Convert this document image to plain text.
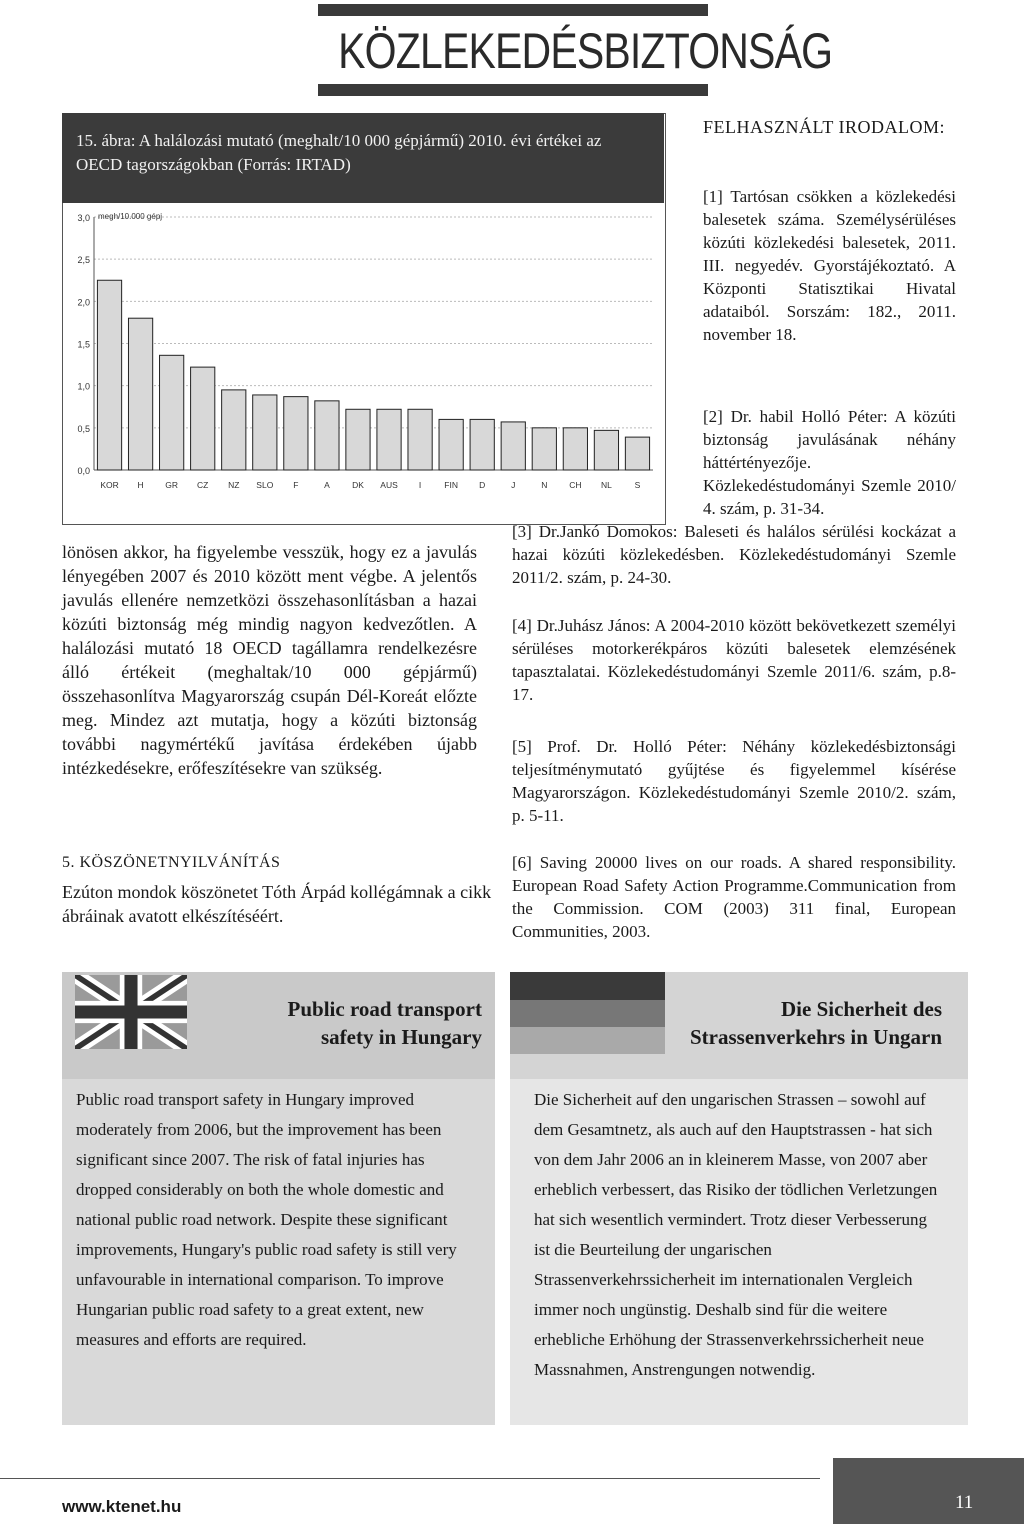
KÖZLEKEDÉSBIZTONSÁG
15. ábra: A halálozási mutató (meghalt/10 000 gépjármű) 2010. évi értékei az OECD tagországokban (Forrás: IRTAD)
0,0
0,5
1,0
1,5
2,0
2,5
3,0 megh/10.000 gépj
KOR H	GR CZ NZ SLO F	A	DK AUS I	FIN D	J	N	CH NL	S
lönösen akkor, ha figyelembe vesszük, hogy ez a javulás lényegében 2007 és 2010 között ment végbe. A jelentős javulás ellenére nemzetközi összehasonlításban a hazai közúti biztonság még mindig nagyon kedvezőtlen. A halálozási mutató 18 OECD tagállamra rendelkezésre álló értékeit (meghaltak/10 000 gépjármű) összehasonlítva Magyarország csupán Dél-Koreát előzte meg. Mindez azt mutatja, hogy a közúti biztonság további nagymértékű javítása érdekében újabb intézkedésekre, erőfeszítésekre van szükség.
5. KÖSZÖNETNYILVÁNÍTÁS
Ezúton mondok köszönetet Tóth Árpád kollégámnak a cikk ábráinak avatott elkészítéséért.
FELHASZNÁLT IRODALOM:
[1] Tartósan csökken a közlekedési balesetek száma. Személysérüléses közúti közlekedési balesetek, 2011. III. negyedév. Gyorstájékoztató. A Központi Statisztikai Hivatal adataiból. Sorszám: 182., 2011. november 18.
[2] Dr. habil Holló Péter: A közúti biztonság javulásának néhány háttértényezője. Közlekedéstudományi Szemle 2010/ 4. szám, p. 31-34.
[3] Dr.Jankó Domokos: Baleseti és halálos sérülési kockázat a hazai közúti közlekedésben. Közlekedéstudományi Szemle 2011/2. szám, p. 24-30.
[4] Dr.Juhász János: A 2004-2010 között bekövetkezett személyi sérüléses motorkerékpáros közúti balesetek elemzésének tapasztalatai. Közlekedéstudományi Szemle 2011/6. szám, p.8-17.
[5] Prof. Dr. Holló Péter: Néhány közlekedésbiztonsági teljesítménymutató gyűjtése és figyelemmel kísérése Magyarországon. Közlekedéstudományi Szemle 2010/2. szám, p. 5-11.
[6] Saving 20000 lives on our roads. A shared responsibility. European Road Safety Action Programme.Communication from the Commission. COM (2003) 311 final, European Communities, 2003.
Public road transport
safety in Hungary
Public road transport safety in Hungary improved moderately from 2006, but the improvement has been significant since 2007. The risk of fatal injuries has dropped considerably on both the whole domestic and national public road network. Despite these significant improvements, Hungary's public road safety is still very unfavourable in international comparison. To improve Hungarian public road safety to a great extent, new measures and efforts are required.
Die Sicherheit des
Strassenverkehrs in Ungarn
Die Sicherheit auf den ungarischen Strassen – sowohl auf dem Gesamtnetz, als auch auf den Hauptstrassen - hat sich von dem Jahr 2006 an in kleinerem Masse, von 2007 aber erheblich verbessert, das Risiko der tödlichen Verletzungen hat sich wesentlich vermindert. Trotz dieser Verbesserung ist die Beurteilung der ungarischen Strassenverkehrssicherheit im internationalen Vergleich immer noch ungünstig. Deshalb sind für die weitere erhebliche Erhöhung der Strassenverkehrssicherheit neue Massnahmen, Anstrengungen notwendig.
www.ktenet.hu	11
